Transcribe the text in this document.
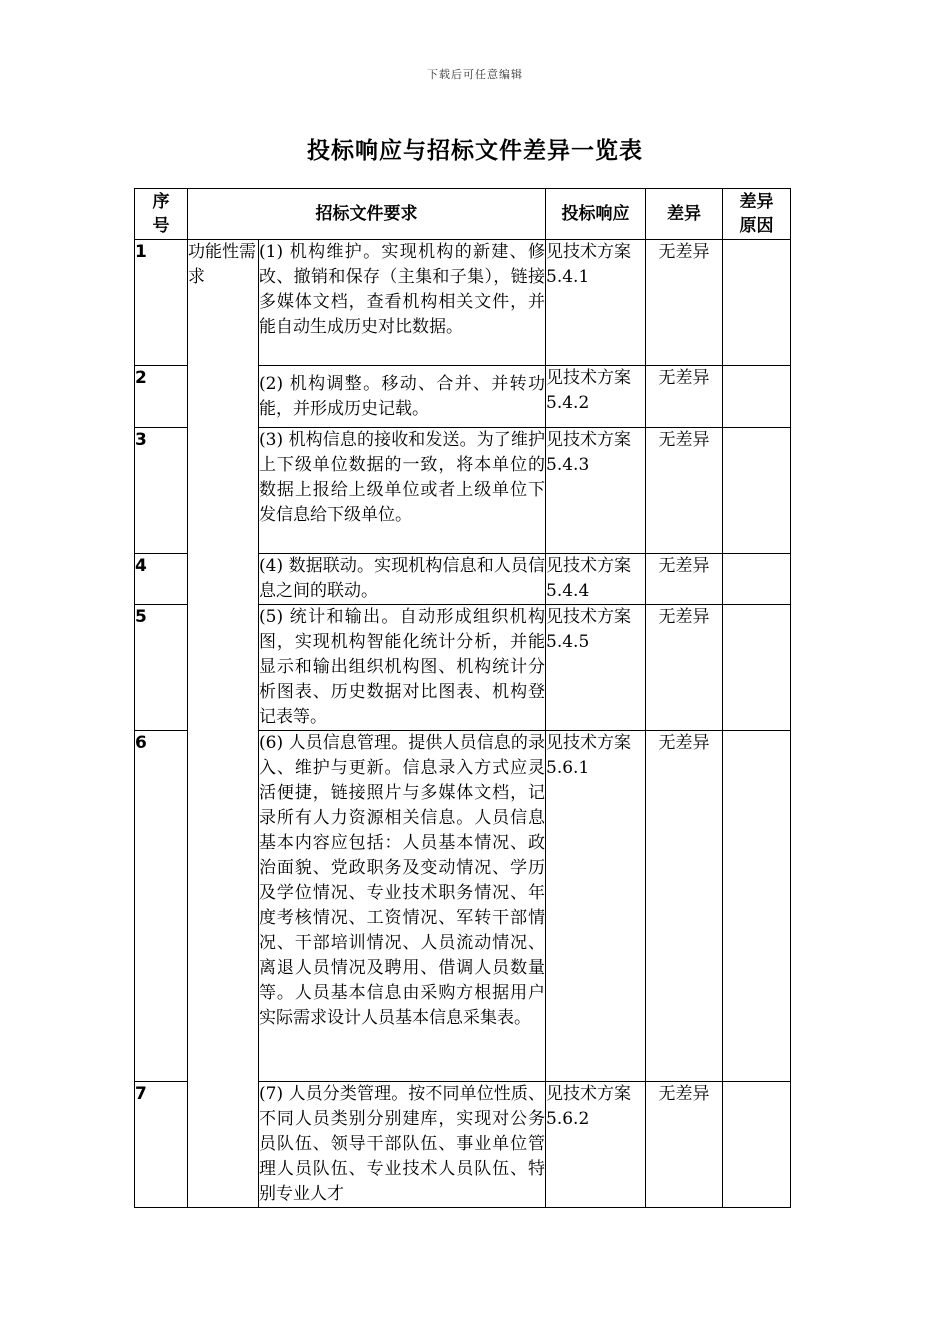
下载后可任意编辑
投标响应与招标文件差异一览表
序号	招标文件要求		投标响应	差异	差异原因
1	功能性需求	(1) 机构维护。实现机构的新建、修改、撤销和保存（主集和子集），链接多媒体文档，查看机构相关文件，并能自动生成历史对比数据。	见技术方案5.4.1	无差异	
2		(2) 机构调整。移动、合并、并转功能，并形成历史记载。	见技术方案5.4.2	无差异	
3		(3) 机构信息的接收和发送。为了维护上下级单位数据的一致，将本单位的数据上报给上级单位或者上级单位下发信息给下级单位。	见技术方案5.4.3	无差异	
4		(4) 数据联动。实现机构信息和人员信息之间的联动。	见技术方案5.4.4	无差异	
5		(5) 统计和输出。自动形成组织机构图，实现机构智能化统计分析，并能显示和输出组织机构图、机构统计分析图表、历史数据对比图表、机构登记表等。	见技术方案5.4.5	无差异	
6		(6) 人员信息管理。提供人员信息的录入、维护与更新。信息录入方式应灵活便捷，链接照片与多媒体文档，记录所有人力资源相关信息。人员信息基本内容应包括：人员基本情况、政治面貌、党政职务及变动情况、学历及学位情况、专业技术职务情况、年度考核情况、工资情况、军转干部情况、干部培训情况、人员流动情况、离退人员情况及聘用、借调人员数量等。人员基本信息由采购方根据用户实际需求设计人员基本信息采集表。	见技术方案5.6.1	无差异	
7		(7) 人员分类管理。按不同单位性质、不同人员类别分别建库，实现对公务员队伍、领导干部队伍、事业单位管理人员队伍、专业技术人员队伍、特别专业人才	见技术方案5.6.2	无差异	
